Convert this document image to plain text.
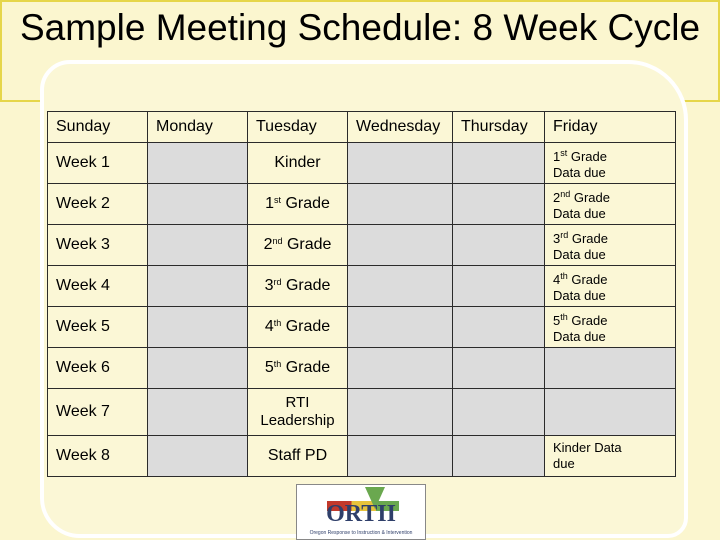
Sample Meeting Schedule: 8 Week Cycle
Sunday	Monday	Tuesday	Wednesday	Thursday	Friday
Week 1		Kinder			1st Grade
Data due
Week 2		1st Grade			2nd Grade
Data due
Week 3		2nd Grade			3rd Grade
Data due
Week 4		3rd Grade			4th Grade
Data due
Week 5		4th Grade			5th Grade
Data due
Week 6		5th Grade			
Week 7		RTI
Leadership			
Week 8		Staff PD			Kinder Data
due
ORTII
Oregon Response to Instruction & Intervention
